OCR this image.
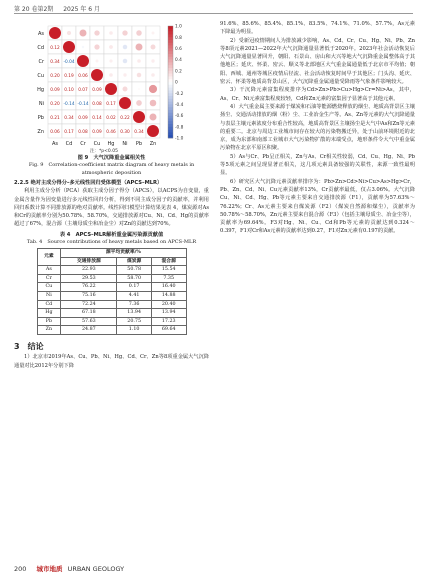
第 20 卷第2期 2025 年 6 月
As
As
Cd
Cd
Cr
Cr
Cu
Cu
Hg
Hg
Ni
Ni
Pb
Pb
Zn
Zn
0.12
0.34 -0.04
0.20 0.19 0.06
0.09 0.10 0.07 0.09
0.20 -0.14 -0.14 0.08 0.17
0.21 0.34 0.09 0.14 0.02 0.22
0.06 0.17 0.08 0.09 0.46 0.30 0.34
1.0
0.8
0.6
0.4
0.2
0
-0.2
-0.4
-0.6
-0.8
-1.0
注：*p<0.05
图 9　大气沉降重金属相关性
Fig. 9　Correlation-coefficient matrix diagram of heavy metals in atmospheric deposition
2.2.5 绝对主成分得分–多元线性回归受体模型（APCS–MLR）

利用主成分分析（PCA）获取主成分因子得分（APCS），以ACPS为自变量，重金属含量作为因变量进行多元线性回归分析，得到不同主成分因子的贡献率，并利用回归系数计算不同排放源的绝对贡献率。线性回归模型计算结果见表 4，煤炭源对As和Cr的贡献率分别为50.78%、58.70%，交通排放源对Cu、Ni、Cd、Hg的贡献率超过了67%，混合源（主壤母质尘和冶金尘）对Zn的贡献达到70%。

表 4　APCS–MLR解析重金属污染源贡献值
Tab. 4　Source contributions of heavy metals based on APCS-MLR
元素	源平均贡献率/%		
	交通排放源	煤炭源	混合源
As	22.93	50.78	15.54
Cr	29.53	58.70	7.35
Cu	76.22	0.17	16.40
Ni	75.16	4.41	14.88
Cd	72.24	7.36	20.40
Hg	67.18	13.94	13.94
Pb	57.63	20.75	17.23
Zn	24.87	1.10	69.64
3　结论

1）北京市2019年As、Cu、Pb、Ni、Hg、Cd、Cr、Zn等8项重金属大气沉降通量对比2012年分别下降

91.6%、85.6%、85.4%、85.1%、83.5%、74.1%、71.0%、57.7%，As元素下降最为明显。

2）受新冠疫情期间人为排放减少影响，As、Cd、Cr、Cu、Hg、Ni、Pb、Zn等8项元素2021—2022年大气沉降通量显著低于2020年。2023年社会活动恢复后大气沉降通量显著回升，朝阳、石景山、房山和大兴等地大气沉降重金属整体高于其他地区；延庆、怀柔、密云、顺义等北部地区大气重金属通量低于北京市平均值；朝阳、西城、通州等城区疫情后径流、社会活动恢复时间早于其他区；门头沟、延庆、密云、怀柔等地质高背景山区，大气沉降重金属通量受降雨等气象条件影响较大。

3）干沉降元素富集程度排序为Cd>Zn>Pb>Cu>Hg>Cr=Ni>As，其中，As、Cr、Ni元素富集程度较轻，Cd和Zn元素的富集因子显著高于其他元素。

4）大气重金属主要来源于煤炭和石油等能源燃烧释放的烟尘、地质高背景区主壤扬尘、交通活动排放的烟（粉）尘、工业冶金生产等。As、Zn等元素的大气沉降通量与表层主壤元素浓度分布重合性较高，地质高背景区主壤扬尘是大气中As和Zn等元素的重要二。北京与周边工业城市间存在较大的污染物搬迁异，处于山前环境附近的北京，成为东部和南部工业城市大气污染物扩散的末端受点，地形条件令大气中重金属污染物在北京平原区积聚。

5）As与Cr、Pb呈正相关，Zn与As、Cr相关性较弱，Cd、Cu、Hg、Ni、Pb等5项元素之间呈现显著正相关，这几项元素具备较强的关联性，来源一致性最明显。

6）研究区大气沉降元素贡献率排序为：Pb>Zn>Cd>Ni>Cu>As>Hg>Cr，Pb、Zn、Cd、Ni、Cu元素贡献率13%，Cr贡献率最低，仅占3.06%。大气沉降Cu、Ni、Cd、Hg、Pb等元素主要来自交通排放源（F1），贡献率为57.63%～76.22%；Cr、As元素主要来自煤炭源（F2）（煤炭自然源和煤尘），贡献率为50.78%～58.70%，Zn元素主要来自混合源（F3）（包括主壤母质尘、冶金尘等），贡献率为69.64%。F3对Hg、Ni、Cu、Cd和Pb等元素的贡献达到0.324～0.397，F1对Cr和As元素的贡献率达到0.27，F1对Zn元素有0.197的贡献。

200 城市地质 URBAN GEOLOGY
